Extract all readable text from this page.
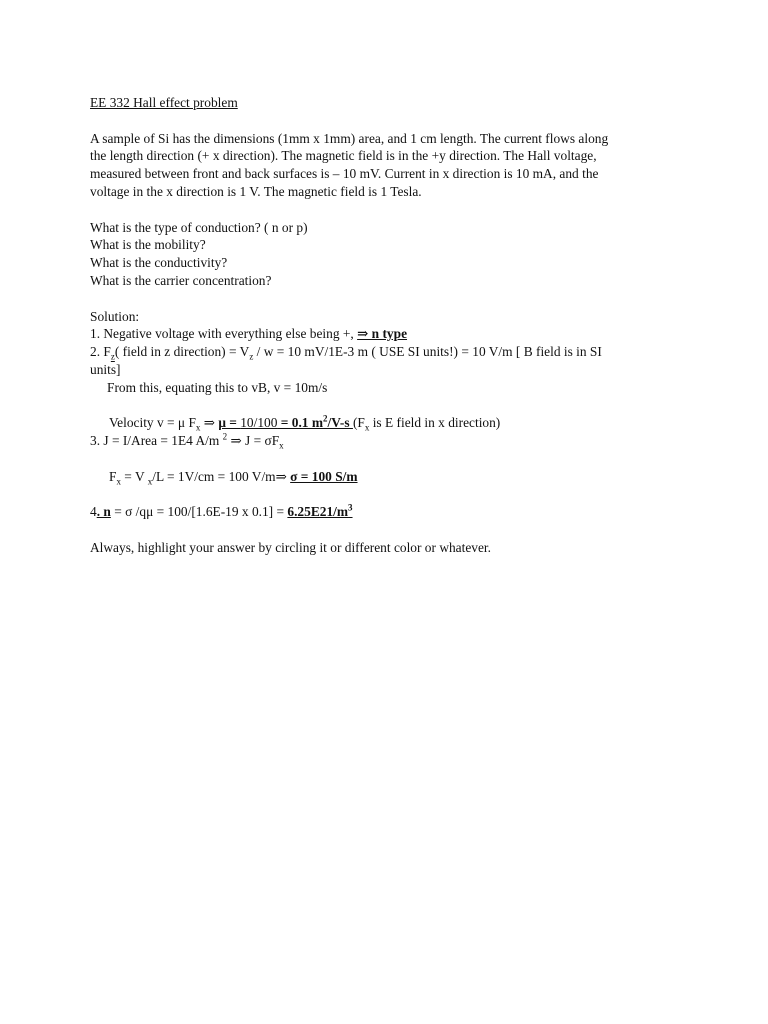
EE 332 Hall effect problem
A sample of Si has the dimensions (1mm x 1mm) area, and 1 cm length. The current flows along
the length direction (+ x direction). The magnetic field is in the +y direction. The Hall voltage,
measured between front and back surfaces is – 10 mV. Current in x direction is 10 mA, and the
voltage in the x direction is 1 V. The magnetic field is 1 Tesla.
What is the type of conduction? ( n or p)
What is the mobility?
What is the conductivity?
What is the carrier concentration?
Solution:
1. Negative voltage with everything else being +, ⇒ n type
2. $F_z$( field in z direction) = $V_z / w = 10$ mV/1E-3 m ( USE SI units!) = 10 V/m [ B field is in SI
units]
From this, equating this to vB, v = 10m/s
Velocity v = μ $F_x$ ⇒ μ = 10/100 = 0.1 $m^2/V-s$ ($F_x$ is E field in x direction)
3. J = I/Area = 1E4 A/m $^2$ ⇒ $J = \sigma F_x$
$F_x = V$ $_x$/L = 1V/cm = 100 V/m⇒ σ = 100 S/m
4. n = σ /qμ = 100/[1.6E-19 x $0.1] = 6.25E21/m^3$
Always, highlight your answer by circling it or different color or whatever.
